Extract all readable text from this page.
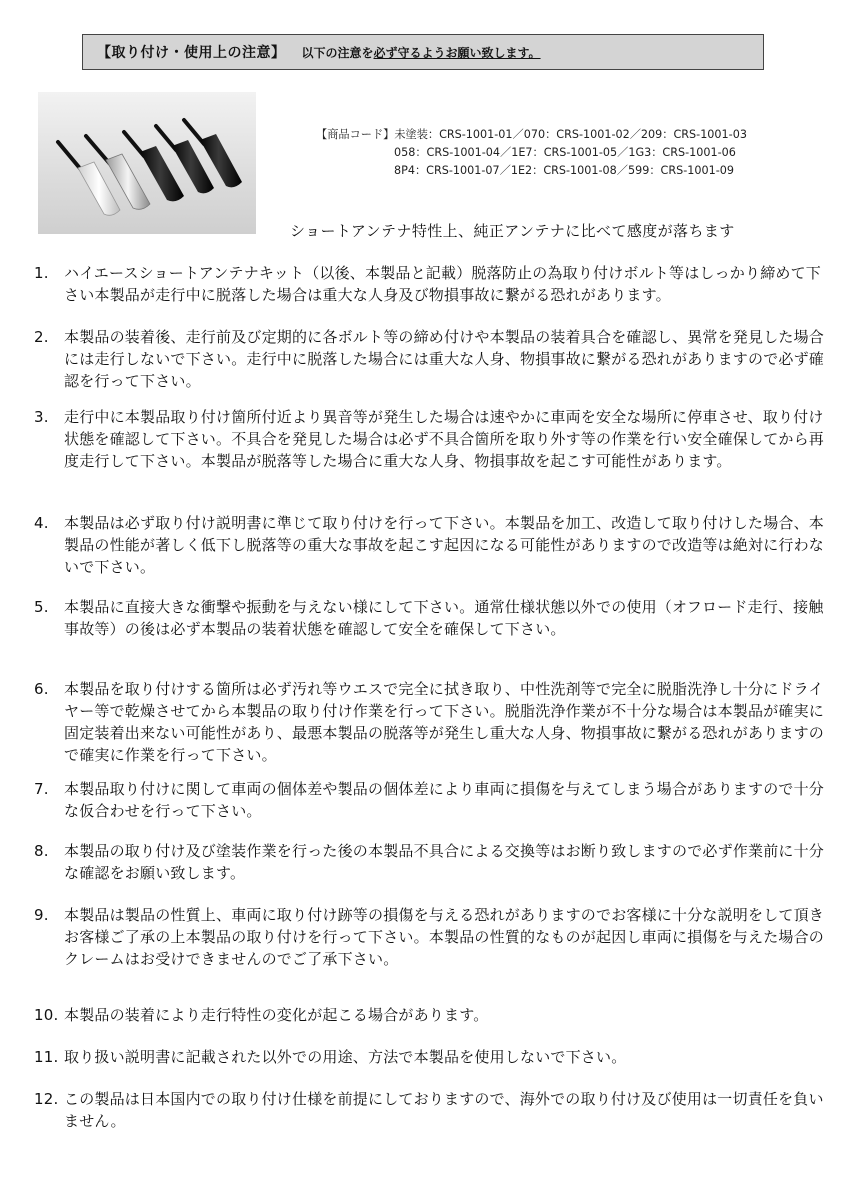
【取り付け・使用上の注意】 以下の注意を必ず守るようお願い致します。
【商品コード】未塗装：CRS-1001-01／070：CRS-1001-02／209：CRS-1001-03
058：CRS-1001-04／1E7：CRS-1001-05／1G3：CRS-1001-06
8P4：CRS-1001-07／1E2：CRS-1001-08／599：CRS-1001-09
ショートアンテナ特性上、純正アンテナに比べて感度が落ちます
1.	ハイエースショートアンテナキット（以後、本製品と記載）脱落防止の為取り付けボルト等はしっかり締めて下さい本製品が走行中に脱落した場合は重大な人身及び物損事故に繋がる恐れがあります。
2.	本製品の装着後、走行前及び定期的に各ボルト等の締め付けや本製品の装着具合を確認し、異常を発見した場合には走行しないで下さい。走行中に脱落した場合には重大な人身、物損事故に繋がる恐れがありますので必ず確認を行って下さい。
3.	走行中に本製品取り付け箇所付近より異音等が発生した場合は速やかに車両を安全な場所に停車させ、取り付け状態を確認して下さい。不具合を発見した場合は必ず不具合箇所を取り外す等の作業を行い安全確保してから再度走行して下さい。本製品が脱落等した場合に重大な人身、物損事故を起こす可能性があります。
4.	本製品は必ず取り付け説明書に準じて取り付けを行って下さい。本製品を加工、改造して取り付けした場合、本製品の性能が著しく低下し脱落等の重大な事故を起こす起因になる可能性がありますので改造等は絶対に行わないで下さい。
5.	本製品に直接大きな衝撃や振動を与えない様にして下さい。通常仕様状態以外での使用（オフロード走行、接触事故等）の後は必ず本製品の装着状態を確認して安全を確保して下さい。
6.	本製品を取り付けする箇所は必ず汚れ等ウエスで完全に拭き取り、中性洗剤等で完全に脱脂洗浄し十分にドライヤー等で乾燥させてから本製品の取り付け作業を行って下さい。脱脂洗浄作業が不十分な場合は本製品が確実に固定装着出来ない可能性があり、最悪本製品の脱落等が発生し重大な人身、物損事故に繋がる恐れがありますので確実に作業を行って下さい。
7.	本製品取り付けに関して車両の個体差や製品の個体差により車両に損傷を与えてしまう場合がありますので十分な仮合わせを行って下さい。
8.	本製品の取り付け及び塗装作業を行った後の本製品不具合による交換等はお断り致しますので必ず作業前に十分な確認をお願い致します。
9.	本製品は製品の性質上、車両に取り付け跡等の損傷を与える恐れがありますのでお客様に十分な説明をして頂きお客様ご了承の上本製品の取り付けを行って下さい。本製品の性質的なものが起因し車両に損傷を与えた場合のクレームはお受けできませんのでご了承下さい。
10. 本製品の装着により走行特性の変化が起こる場合があります。
11. 取り扱い説明書に記載された以外での用途、方法で本製品を使用しないで下さい。
12. この製品は日本国内での取り付け仕様を前提にしておりますので、海外での取り付け及び使用は一切責任を負いません。
